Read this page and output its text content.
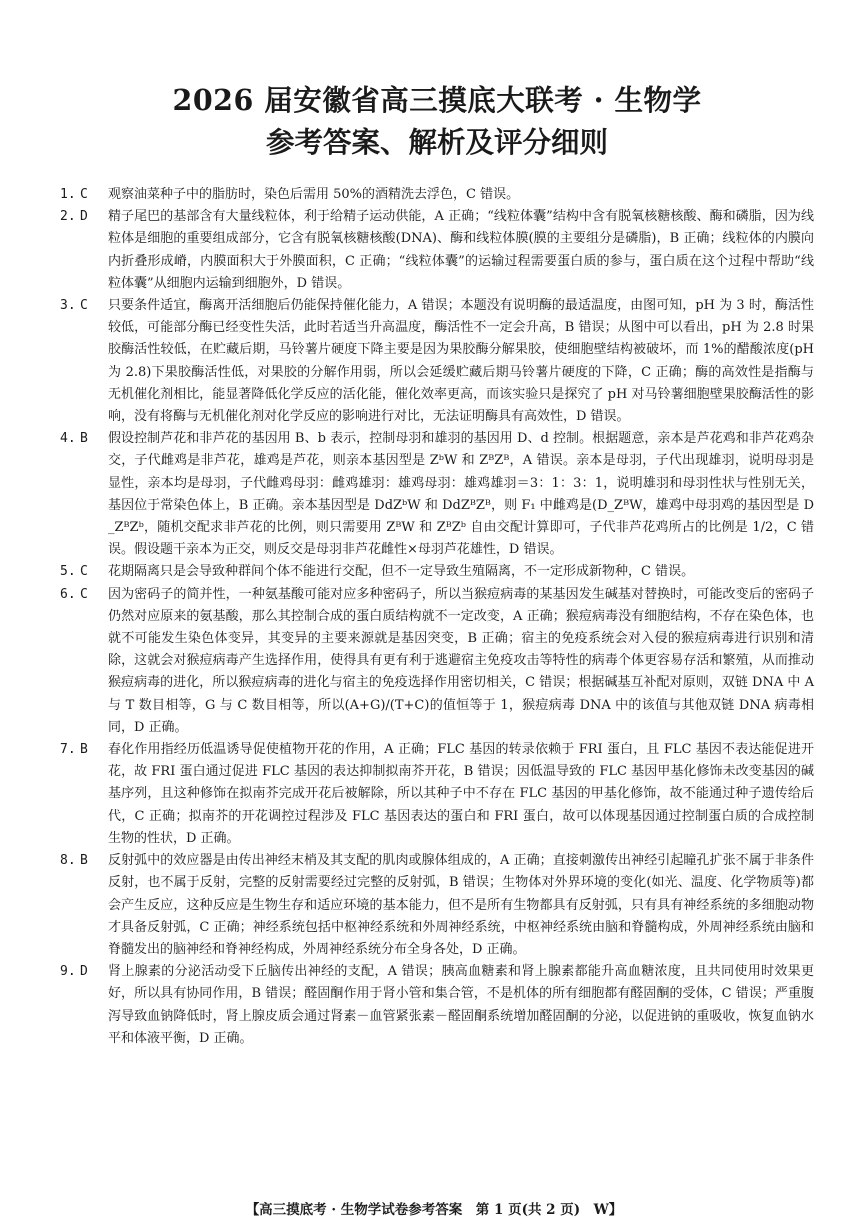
2026 届安徽省高三摸底大联考 · 生物学
参考答案、解析及评分细则
1. C	观察油菜种子中的脂肪时，染色后需用 50%的酒精洗去浮色，C 错误。
2. D	精子尾巴的基部含有大量线粒体，利于给精子运动供能，A 正确；“线粒体囊”结构中含有脱氧核糖核酸、酶和磷脂，因为线粒体是细胞的重要组成部分，它含有脱氧核糖核酸(DNA)、酶和线粒体膜(膜的主要组分是磷脂)，B 正确；线粒体的内膜向内折叠形成嵴，内膜面积大于外膜面积，C 正确；“线粒体囊”的运输过程需要蛋白质的参与，蛋白质在这个过程中帮助“线粒体囊”从细胞内运输到细胞外，D 错误。
3. C	只要条件适宜，酶离开活细胞后仍能保持催化能力，A 错误；本题没有说明酶的最适温度，由图可知，pH 为 3 时，酶活性较低，可能部分酶已经变性失活，此时若适当升高温度，酶活性不一定会升高，B 错误；从图中可以看出，pH 为 2.8 时果胶酶活性较低，在贮藏后期，马铃薯片硬度下降主要是因为果胶酶分解果胶，使细胞壁结构被破坏，而 1%的醋酸浓度(pH 为 2.8)下果胶酶活性低，对果胶的分解作用弱，所以会延缓贮藏后期马铃薯片硬度的下降，C 正确；酶的高效性是指酶与无机催化剂相比，能显著降低化学反应的活化能，催化效率更高，而该实验只是探究了 pH 对马铃薯细胞壁果胶酶活性的影响，没有将酶与无机催化剂对化学反应的影响进行对比，无法证明酶具有高效性，D 错误。
4. B	假设控制芦花和非芦花的基因用 B、b 表示，控制母羽和雄羽的基因用 D、d 控制。根据题意，亲本是芦花鸡和非芦花鸡杂交，子代雌鸡是非芦花，雄鸡是芦花，则亲本基因型是 ZᵇW 和 ZᴮZᴮ，A 错误。亲本是母羽，子代出现雄羽，说明母羽是显性，亲本均是母羽，子代雌鸡母羽：雌鸡雄羽：雄鸡母羽：雄鸡雄羽＝3：1：3：1，说明雄羽和母羽性状与性别无关，基因位于常染色体上，B 正确。亲本基因型是 DdZᵇW 和 DdZᴮZᴮ，则 F₁ 中雌鸡是(D_ZᴮW，雄鸡中母羽鸡的基因型是 D_ZᴮZᵇ，随机交配求非芦花的比例，则只需要用 ZᴮW 和 ZᴮZᵇ 自由交配计算即可，子代非芦花鸡所占的比例是 1/2，C 错误。假设题干亲本为正交，则反交是母羽非芦花雌性×母羽芦花雄性，D 错误。
5. C	花期隔离只是会导致种群间个体不能进行交配，但不一定导致生殖隔离，不一定形成新物种，C 错误。
6. C	因为密码子的简并性，一种氨基酸可能对应多种密码子，所以当猴痘病毒的某基因发生碱基对替换时，可能改变后的密码子仍然对应原来的氨基酸，那么其控制合成的蛋白质结构就不一定改变，A 正确；猴痘病毒没有细胞结构，不存在染色体，也就不可能发生染色体变异，其变异的主要来源就是基因突变，B 正确；宿主的免疫系统会对入侵的猴痘病毒进行识别和清除，这就会对猴痘病毒产生选择作用，使得具有更有利于逃避宿主免疫攻击等特性的病毒个体更容易存活和繁殖，从而推动猴痘病毒的进化，所以猴痘病毒的进化与宿主的免疫选择作用密切相关，C 错误；根据碱基互补配对原则，双链 DNA 中 A 与 T 数目相等，G 与 C 数目相等，所以(A+G)/(T+C)的值恒等于 1，猴痘病毒 DNA 中的该值与其他双链 DNA 病毒相同，D 正确。
7. B	春化作用指经历低温诱导促使植物开花的作用，A 正确；FLC 基因的转录依赖于 FRI 蛋白，且 FLC 基因不表达能促进开花，故 FRI 蛋白通过促进 FLC 基因的表达抑制拟南芥开花，B 错误；因低温导致的 FLC 基因甲基化修饰未改变基因的碱基序列，且这种修饰在拟南芥完成开花后被解除，所以其种子中不存在 FLC 基因的甲基化修饰，故不能通过种子遗传给后代，C 正确；拟南芥的开花调控过程涉及 FLC 基因表达的蛋白和 FRI 蛋白，故可以体现基因通过控制蛋白质的合成控制生物的性状，D 正确。
8. B	反射弧中的效应器是由传出神经末梢及其支配的肌肉或腺体组成的，A 正确；直接刺激传出神经引起瞳孔扩张不属于非条件反射，也不属于反射，完整的反射需要经过完整的反射弧，B 错误；生物体对外界环境的变化(如光、温度、化学物质等)都会产生反应，这种反应是生物生存和适应环境的基本能力，但不是所有生物都具有反射弧，只有具有神经系统的多细胞动物才具备反射弧，C 正确；神经系统包括中枢神经系统和外周神经系统，中枢神经系统由脑和脊髓构成，外周神经系统由脑和脊髓发出的脑神经和脊神经构成，外周神经系统分布全身各处，D 正确。
9. D	肾上腺素的分泌活动受下丘脑传出神经的支配，A 错误；胰高血糖素和肾上腺素都能升高血糖浓度，且共同使用时效果更好，所以具有协同作用，B 错误；醛固酮作用于肾小管和集合管，不是机体的所有细胞都有醛固酮的受体，C 错误；严重腹泻导致血钠降低时，肾上腺皮质会通过肾素－血管紧张素－醛固酮系统增加醛固酮的分泌，以促进钠的重吸收，恢复血钠水平和体液平衡，D 正确。
【高三摸底考 · 生物学试卷参考答案　第 1 页(共 2 页)　W】
